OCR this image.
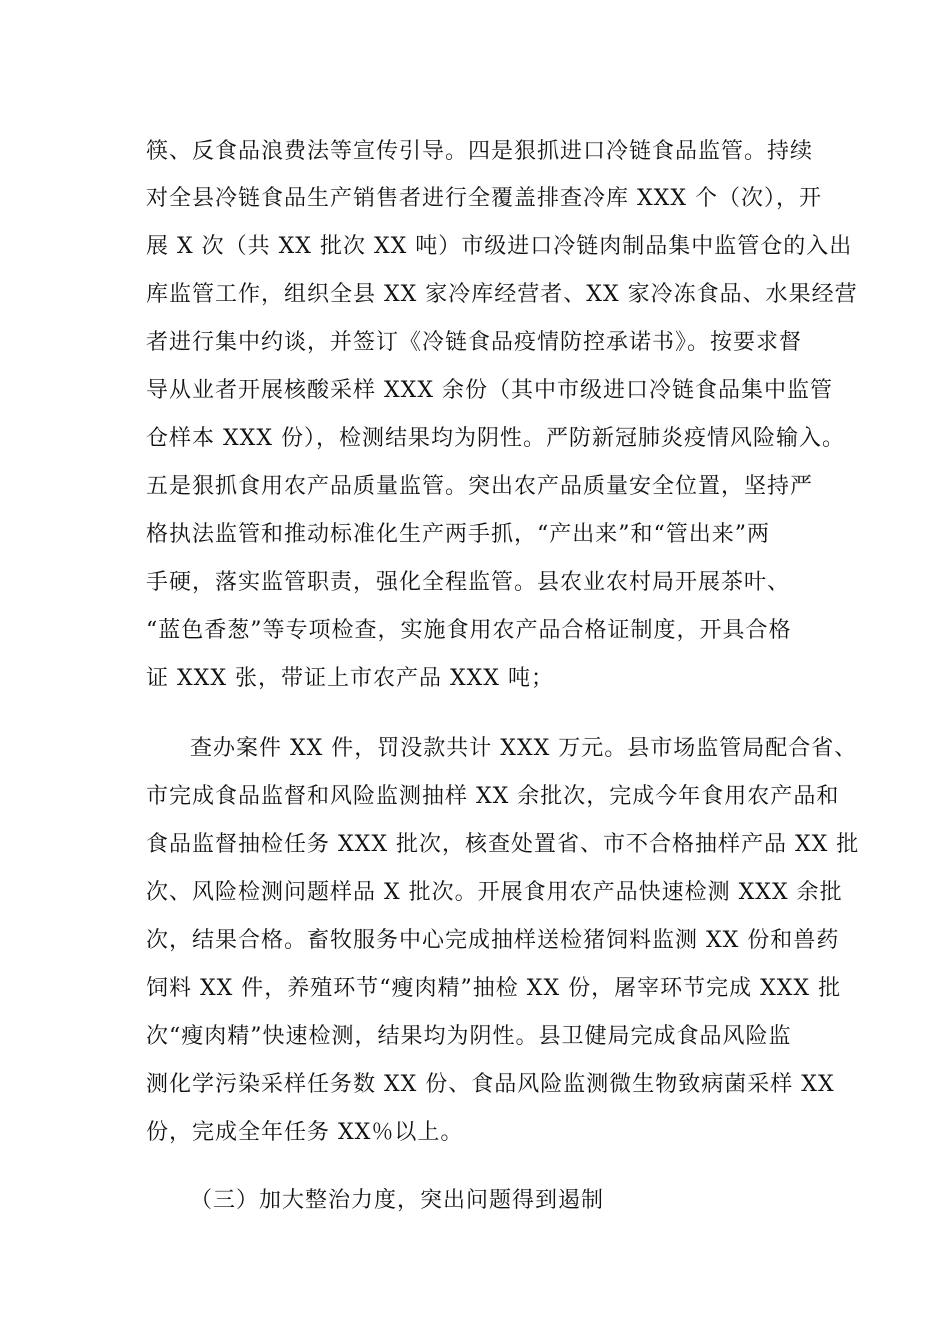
筷、反食品浪费法等宣传引导。四是狠抓进口冷链食品监管。持续
对全县冷链食品生产销售者进行全覆盖排查冷库 XXX 个（次），开
展 X 次（共 XX 批次 XX 吨）市级进口冷链肉制品集中监管仓的入出
库监管工作，组织全县 XX 家冷库经营者、XX 家冷冻食品、水果经营
者进行集中约谈，并签订《冷链食品疫情防控承诺书》。按要求督
导从业者开展核酸采样 XXX 余份（其中市级进口冷链食品集中监管
仓样本 XXX 份），检测结果均为阴性。严防新冠肺炎疫情风险输入。
五是狠抓食用农产品质量监管。突出农产品质量安全位置，坚持严
格执法监管和推动标准化生产两手抓，“产出来”和“管出来”两
手硬，落实监管职责，强化全程监管。县农业农村局开展茶叶、
“蓝色香葱”等专项检查，实施食用农产品合格证制度，开具合格
证 XXX 张，带证上市农产品 XXX 吨；
查办案件 XX 件，罚没款共计 XXX 万元。县市场监管局配合省、
市完成食品监督和风险监测抽样 XX 余批次，完成今年食用农产品和
食品监督抽检任务 XXX 批次，核查处置省、市不合格抽样产品 XX 批
次、风险检测问题样品 X 批次。开展食用农产品快速检测 XXX 余批
次，结果合格。畜牧服务中心完成抽样送检猪饲料监测 XX 份和兽药
饲料 XX 件，养殖环节“瘦肉精”抽检 XX 份，屠宰环节完成 XXX 批
次“瘦肉精”快速检测，结果均为阴性。县卫健局完成食品风险监
测化学污染采样任务数 XX 份、食品风险监测微生物致病菌采样 XX
份，完成全年任务 XX％以上。
（三）加大整治力度，突出问题得到遏制
